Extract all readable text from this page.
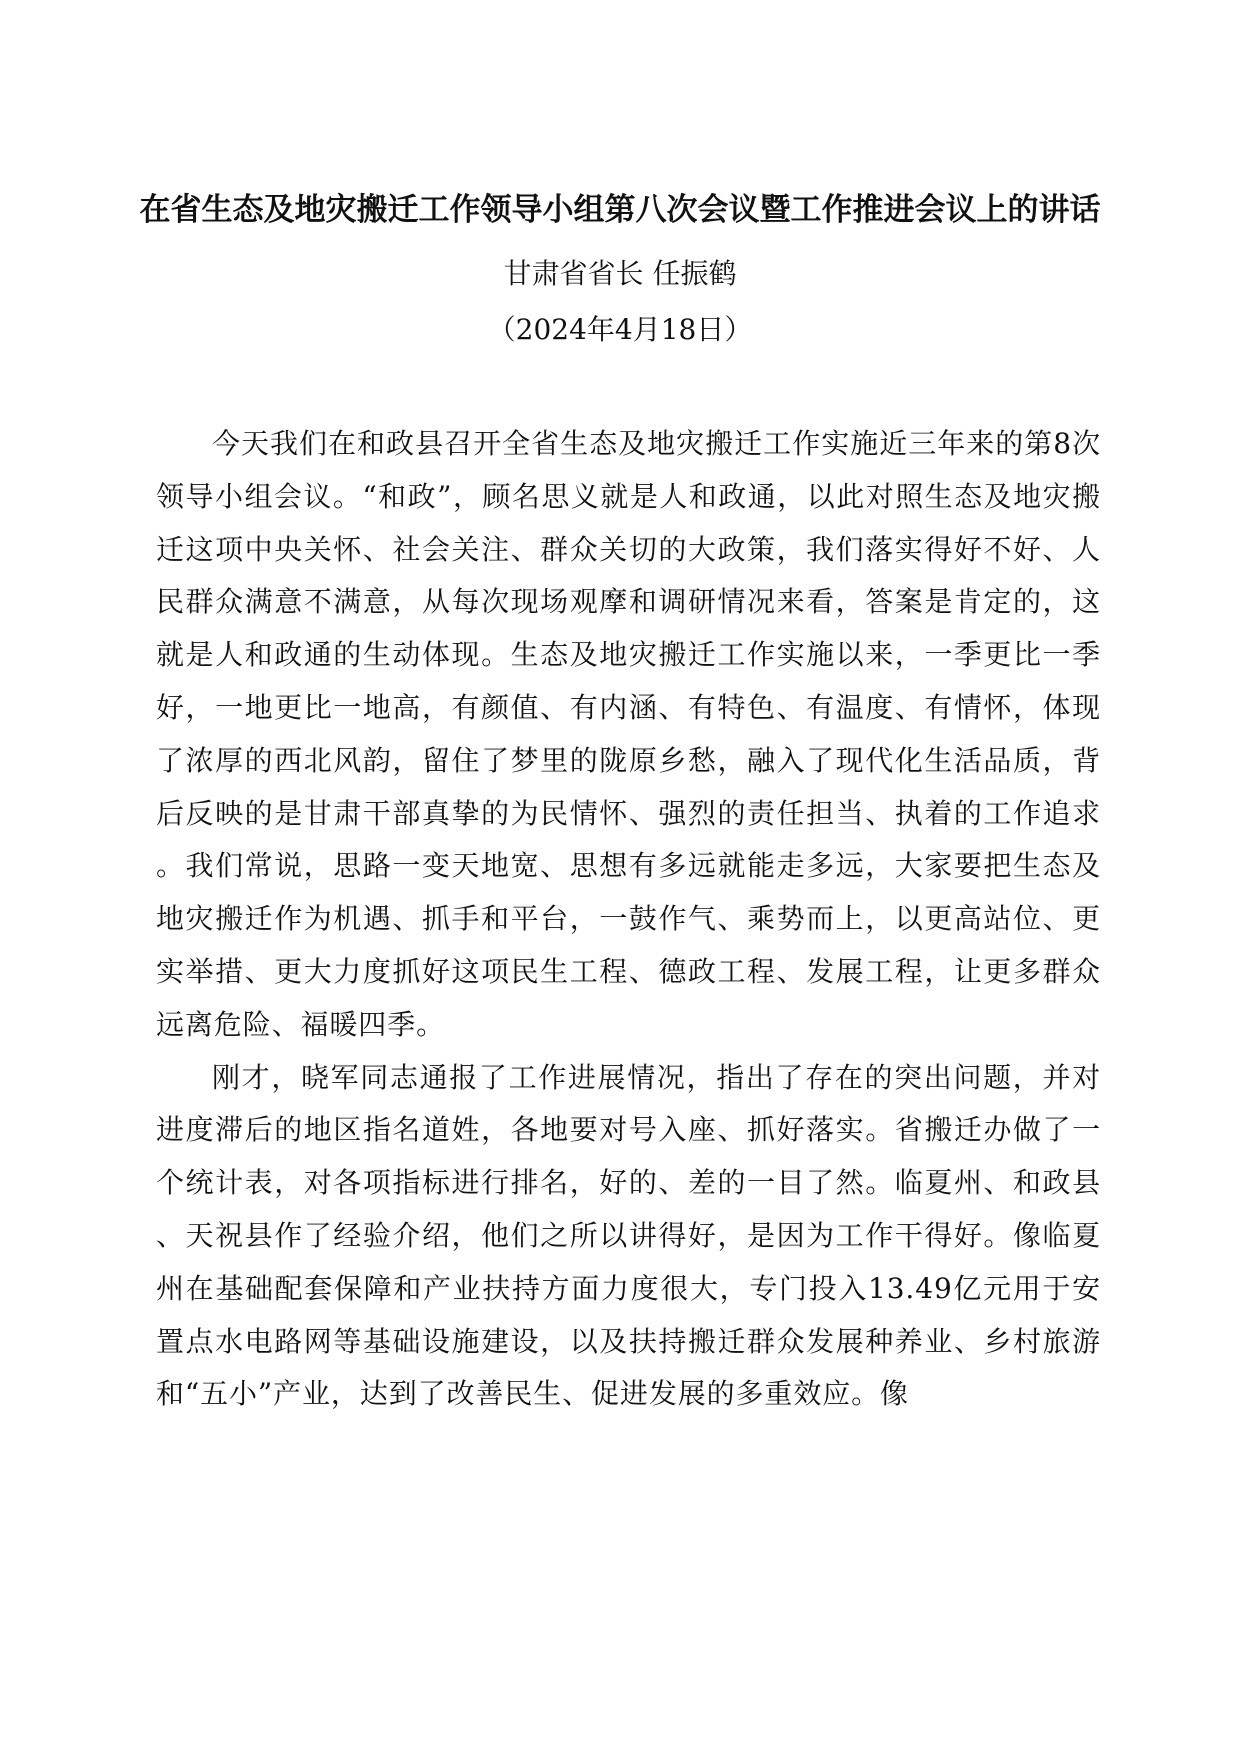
在省生态及地灾搬迁工作领导小组第八次会议暨工作推进会议上的讲话
甘肃省省长 任振鹤
（2024年4月18日）

今天我们在和政县召开全省生态及地灾搬迁工作实施近三年来的第8次领导小组会议。“和政”，顾名思义就是人和政通，以此对照生态及地灾搬迁这项中央关怀、社会关注、群众关切的大政策，我们落实得好不好、人民群众满意不满意，从每次现场观摩和调研情况来看，答案是肯定的，这就是人和政通的生动体现。生态及地灾搬迁工作实施以来，一季更比一季好，一地更比一地高，有颜值、有内涵、有特色、有温度、有情怀，体现了浓厚的西北风韵，留住了梦里的陇原乡愁，融入了现代化生活品质，背后反映的是甘肃干部真挚的为民情怀、强烈的责任担当、执着的工作追求。我们常说，思路一变天地宽、思想有多远就能走多远，大家要把生态及地灾搬迁作为机遇、抓手和平台，一鼓作气、乘势而上，以更高站位、更实举措、更大力度抓好这项民生工程、德政工程、发展工程，让更多群众远离危险、福暖四季。

刚才，晓军同志通报了工作进展情况，指出了存在的突出问题，并对进度滞后的地区指名道姓，各地要对号入座、抓好落实。省搬迁办做了一个统计表，对各项指标进行排名，好的、差的一目了然。临夏州、和政县、天祝县作了经验介绍，他们之所以讲得好，是因为工作干得好。像临夏州在基础配套保障和产业扶持方面力度很大，专门投入13.49亿元用于安置点水电路网等基础设施建设，以及扶持搬迁群众发展种养业、乡村旅游和“五小”产业，达到了改善民生、促进发展的多重效应。像
